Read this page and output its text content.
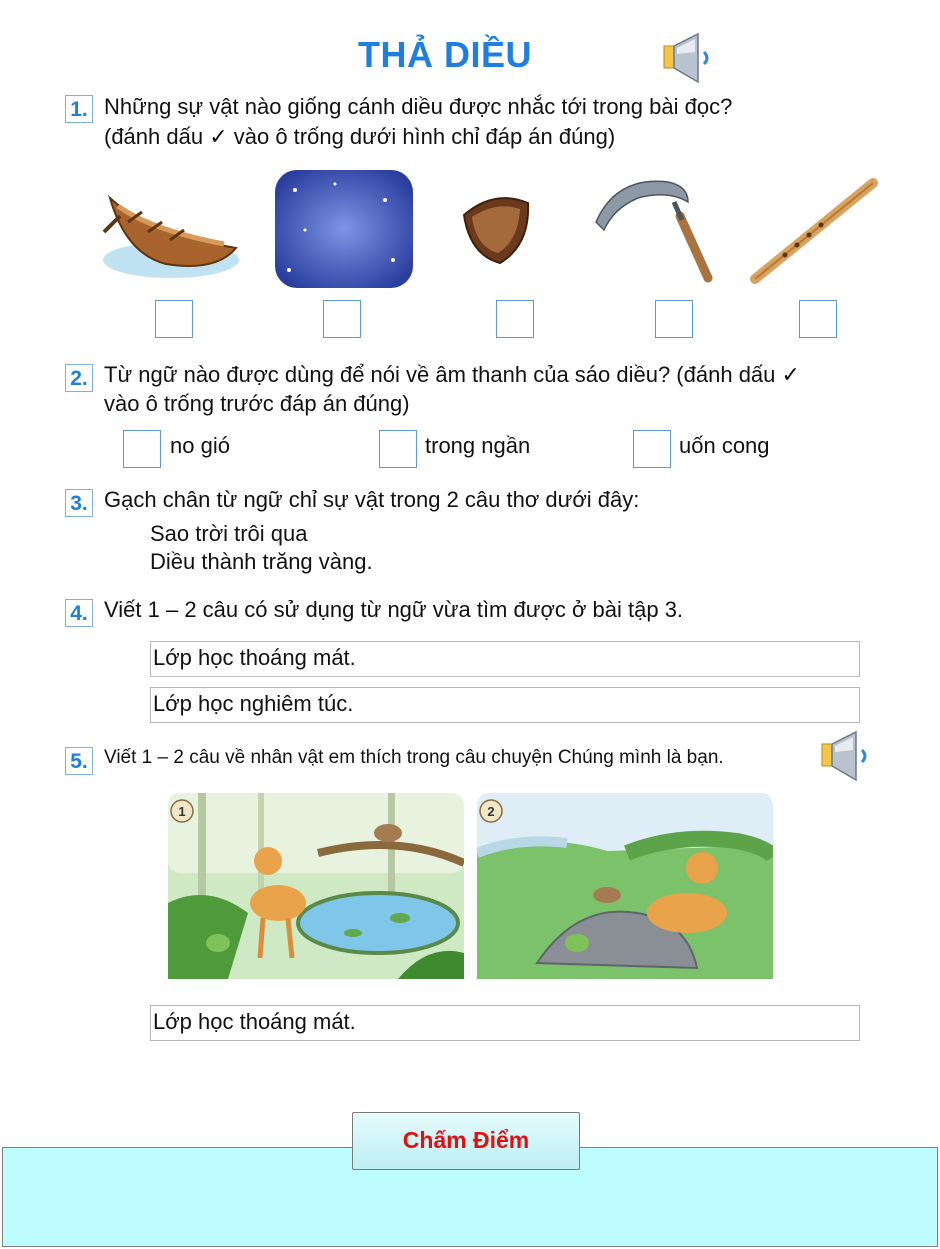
THẢ DIỀU
1. Những sự vật nào giống cánh diều được nhắc tới trong bài đọc?
(đánh dấu ✓ vào ô trống dưới hình chỉ đáp án đúng)
2. Từ ngữ nào được dùng để nói về âm thanh của sáo diều? (đánh dấu ✓
vào ô trống trước đáp án đúng)
no gió	trong ngần	uốn cong
3. Gạch chân từ ngữ chỉ sự vật trong 2 câu thơ dưới đây:
Sao trời trôi qua
Diều thành trăng vàng.
4. Viết 1 – 2 câu có sử dụng từ ngữ vừa tìm được ở bài tập 3.
Lớp học thoáng mát.
Lớp học nghiêm túc.
5. Viết 1 – 2 câu về nhân vật em thích trong câu chuyện Chúng mình là bạn.
1	2
Lớp học thoáng mát.
Chấm Điểm
